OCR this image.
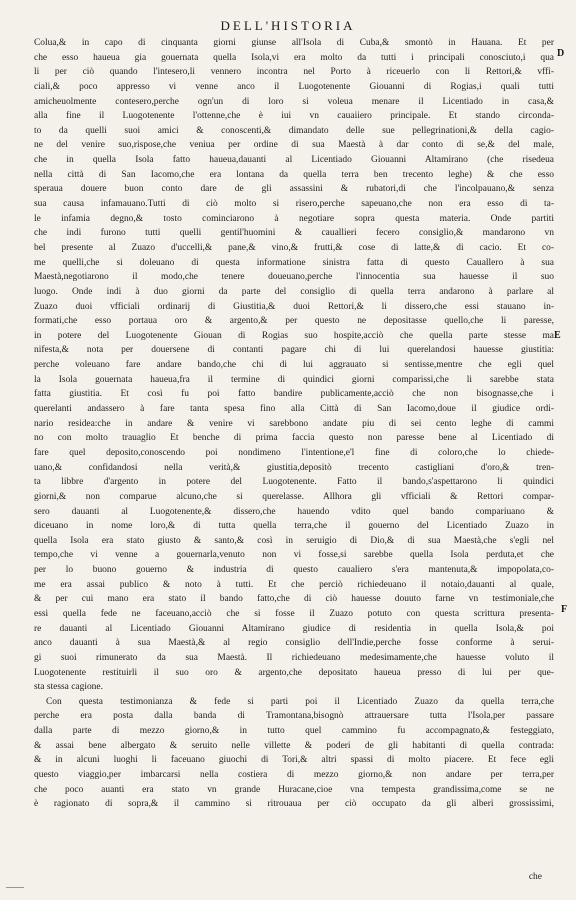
DELL'HISTORIA
D
E
F
Colua,& in capo di cinquanta giorni giunse all'Isola di Cuba,& smontò in Hauana. Et per
che esso haueua gia gouernata quella Isola,vi era molto da tutti i principali conosciuto,i qua
li per ciò quando l'intesero,li vennero incontra nel Porto à riceuerlo con li Rettori,& vffi-
ciali,& poco appresso vi venne anco il Luogotenente Giouanni di Rogias,i quali tutti
amicheuolmente contesero,perche ogn'un di loro si voleua menare il Licentiado in casa,&
alla fine il Luogotenente l'ottenne,che è iui vn cauaiiero principale. Et stando circonda-
to da quelli suoi amici & conoscenti,& dimandato delle sue pellegrinationi,& della cagio-
ne del venire suo,rispose,che veniua per ordine di sua Maestà à dar conto di se,& del male,
che in quella Isola fatto haueua,dauanti al Licentiado Giouanni Altamirano (che risedeua
nella città di San Iacomo,che era lontana da quella terra ben trecento leghe) & che esso
speraua douere buon conto dare de gli assassini & rubatori,di che l'incolpauano,& senza
sua causa infamauano.Tutti di ciò molto si risero,perche sapeuano,che non era esso di ta-
le infamia degno,& tosto cominciarono à negotiare sopra questa materia. Onde partiti
che indi furono tutti quelli gentil'huomini & cauallieri fecero consiglio,& mandarono vn
bel presente al Zuazo d'uccelli,& pane,& vino,& frutti,& cose di latte,& di cacio. Et co-
me quelli,che si doleuano di questa informatione sinistra fatta di questo Cauallero à sua
Maestà,negotiarono il modo,che tenere doueuano,perche l'innocentia sua hauesse il suo
luogo. Onde indi à duo giorni da parte del consiglio di quella terra andarono à parlare al
Zuazo duoi vfficiali ordinarij di Giustitia,& duoi Rettori,& li dissero,che essi stauano in-
formati,che esso portaua oro & argento,& per questo ne depositasse quello,che li paresse,
in potere del Luogotenente Giouan di Rogias suo hospite,acciò che quella parte stesse ma
nifesta,& nota per douersene di contanti pagare chi di lui querelandosi hauesse giustitia:
perche voleuano fare andare bando,che chi di lui aggrauato si sentisse,mentre che egli quel
la Isola gouernata haueua,fra il termine di quindici giorni comparissi,che li sarebbe stata
fatta giustitia. Et così fu poi fatto bandire publicamente,acciò che non bisognasse,che i
querelanti andassero à fare tanta spesa fino alla Città di San Iacomo,doue il giudice ordi-
nario residea:che in andare & venire vi sarebbono andate piu di sei cento leghe di cammi
no con molto trauaglio Et benche di prima faccia questo non paresse bene al Licentiado di
fare quel deposito,conoscendo poi nondimeno l'intentione,e'l fine di coloro,che lo chiede-
uano,& confidandosi nella verità,& giustitia,depositò trecento castigliani d'oro,& tren-
ta libbre d'argento in potere del Luogotenente. Fatto il bando,s'aspettarono li quindici
giorni,& non comparue alcuno,che si querelasse. Allhora gli vfficiali & Rettori compar-
sero dauanti al Luogotenente,& dissero,che hauendo vdito quel bando compariuano &
diceuano in nome loro,& di tutta quella terra,che il gouerno del Licentiado Zuazo in
quella Isola era stato giusto & santo,& così in seruigio di Dio,& di sua Maestà,che s'egli nel
tempo,che vi venne a gouernarla,venuto non vi fosse,si sarebbe quella Isola perduta,et che
per lo buono gouerno & industria di questo caualiero s'era mantenuta,& impopolata,co-
me era assai publico & noto à tutti. Et che perciò richiedeuano il notaio,dauanti al quale,
& per cui mano era stato il bando fatto,che di ciò hauesse douuto farne vn testimoniale,che
essi quella fede ne faceuano,acciò che si fosse il Zuazo potuto con questa scrittura presenta-
re dauanti al Licentiado Giouanni Altamirano giudice di residentia in quella Isola,& poi
anco dauanti à sua Maestà,& al regio consiglio dell'Indie,perche fosse conforme à serui-
gi suoi rimunerato da sua Maestà. Il richiedeuano medesimamente,che hauesse voluto il
Luogotenente restituirli il suo oro & argento,che depositato haueua presso di lui per que-
sta stessa cagione.
Con questa testimonianza & fede si parti poi il Licentiado Zuazo da quella terra,che
perche era posta dalla banda di Tramontana,bisognò attrauersare tutta l'Isola,per passare
dalla parte di mezzo giorno,& in tutto quel cammino fu accompagnato,& festeggiato,
& assai bene albergato & seruito nelle villette & poderi de gli habitanti di quella contrada:
& in alcuni luoghi li faceuano giuochi di Tori,& altri spassi di molto piacere. Et fece egli
questo viaggio,per imbarcarsi nella costiera di mezzo giorno,& non andare per terra,per
che poco auanti era stato vn grande Huracane,cioe vna tempesta grandissima,come se ne
è ragionato di sopra,& il cammino si ritrouaua per ciò occupato da gli alberi grossissimi,
che
